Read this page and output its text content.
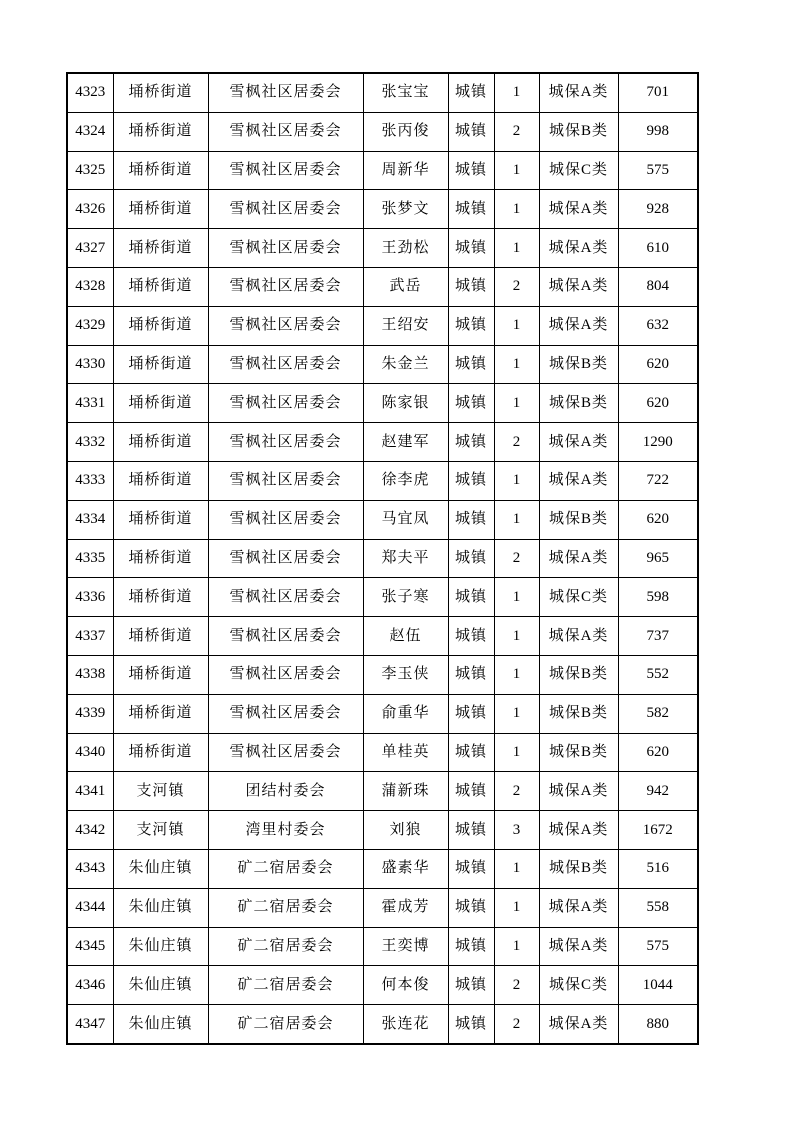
4323	埇桥街道	雪枫社区居委会	张宝宝	城镇	1	城保A类	701
4324	埇桥街道	雪枫社区居委会	张丙俊	城镇	2	城保B类	998
4325	埇桥街道	雪枫社区居委会	周新华	城镇	1	城保C类	575
4326	埇桥街道	雪枫社区居委会	张梦文	城镇	1	城保A类	928
4327	埇桥街道	雪枫社区居委会	王劲松	城镇	1	城保A类	610
4328	埇桥街道	雪枫社区居委会	武岳	城镇	2	城保A类	804
4329	埇桥街道	雪枫社区居委会	王绍安	城镇	1	城保A类	632
4330	埇桥街道	雪枫社区居委会	朱金兰	城镇	1	城保B类	620
4331	埇桥街道	雪枫社区居委会	陈家银	城镇	1	城保B类	620
4332	埇桥街道	雪枫社区居委会	赵建军	城镇	2	城保A类	1290
4333	埇桥街道	雪枫社区居委会	徐李虎	城镇	1	城保A类	722
4334	埇桥街道	雪枫社区居委会	马宜凤	城镇	1	城保B类	620
4335	埇桥街道	雪枫社区居委会	郑夫平	城镇	2	城保A类	965
4336	埇桥街道	雪枫社区居委会	张子寒	城镇	1	城保C类	598
4337	埇桥街道	雪枫社区居委会	赵伍	城镇	1	城保A类	737
4338	埇桥街道	雪枫社区居委会	李玉侠	城镇	1	城保B类	552
4339	埇桥街道	雪枫社区居委会	俞重华	城镇	1	城保B类	582
4340	埇桥街道	雪枫社区居委会	单桂英	城镇	1	城保B类	620
4341	支河镇	团结村委会	蒲新珠	城镇	2	城保A类	942
4342	支河镇	湾里村委会	刘狼	城镇	3	城保A类	1672
4343	朱仙庄镇	矿二宿居委会	盛素华	城镇	1	城保B类	516
4344	朱仙庄镇	矿二宿居委会	霍成芳	城镇	1	城保A类	558
4345	朱仙庄镇	矿二宿居委会	王奕博	城镇	1	城保A类	575
4346	朱仙庄镇	矿二宿居委会	何本俊	城镇	2	城保C类	1044
4347	朱仙庄镇	矿二宿居委会	张连花	城镇	2	城保A类	880
